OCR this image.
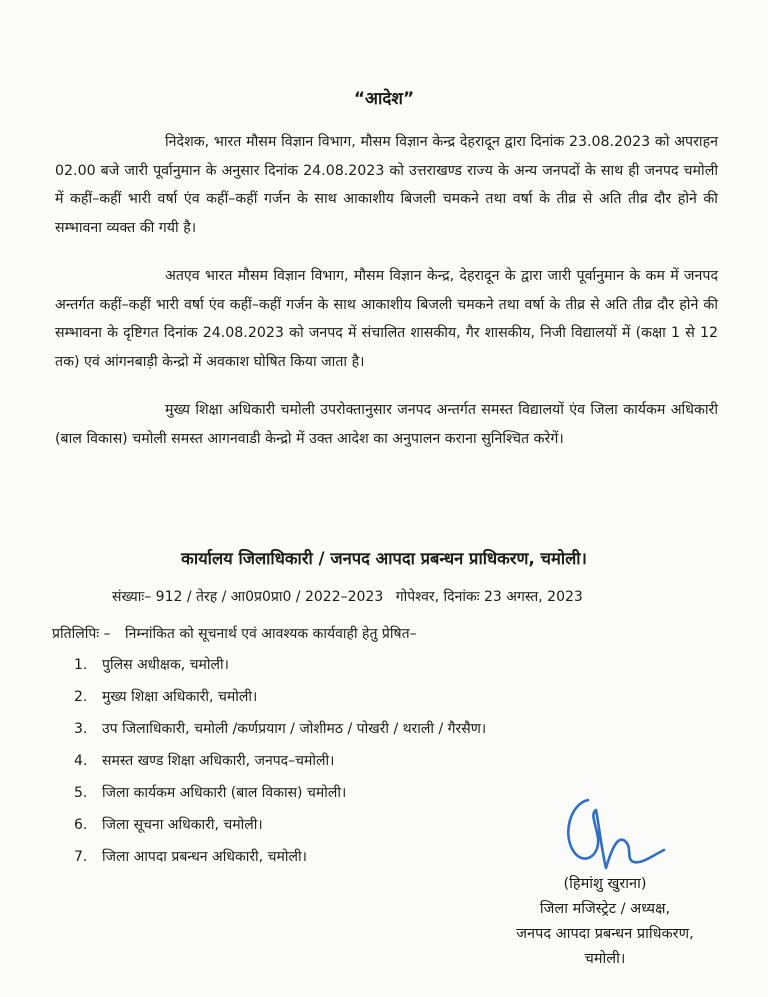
“आदेश”

निदेशक, भारत मौसम विज्ञान विभाग, मौसम विज्ञान केन्द्र देहरादून द्वारा दिनांक 23.08.2023 को अपराहन 02.00 बजे जारी पूर्वानुमान के अनुसार दिनांक 24.08.2023 को उत्तराखण्ड राज्य के अन्य जनपदों के साथ ही जनपद चमोली में कहीं–कहीं भारी वर्षा एंव कहीं–कहीं गर्जन के साथ आकाशीय बिजली चमकने तथा वर्षा के तीव्र से अति तीव्र दौर होने की सम्भावना व्यक्त की गयी है।

अतएव भारत मौसम विज्ञान विभाग, मौसम विज्ञान केन्द्र, देहरादून के द्वारा जारी पूर्वानुमान के कम में जनपद अन्तर्गत कहीं–कहीं भारी वर्षा एंव कहीं–कहीं गर्जन के साथ आकाशीय बिजली चमकने तथा वर्षा के तीव्र से अति तीव्र दौर होने की सम्भावना के दृष्टिगत दिनांक 24.08.2023 को जनपद में संचालित शासकीय, गैर शासकीय, निजी विद्यालयों में (कक्षा 1 से 12 तक) एवं आंगनबाड़ी केन्द्रो में अवकाश घोषित किया जाता है।

मुख्य शिक्षा अधिकारी चमोली उपरोक्तानुसार जनपद अन्तर्गत समस्त विद्यालयों एंव जिला कार्यकम अधिकारी (बाल विकास) चमोली समस्त आगनवाडी केन्द्रो में उक्त आदेश का अनुपालन कराना सुनिश्चित करेगें।

कार्यालय जिलाधिकारी / जनपद आपदा प्रबन्धन प्राधिकरण, चमोली।
संख्याः– 912 / तेरह / आ0प्र0प्रा0 / 2022–2023 गोपेश्वर, दिनांकः 23 अगस्त, 2023
प्रतिलिपिः – निम्नांकित को सूचनार्थ एवं आवश्यक कार्यवाही हेतु प्रेषित–
1. पुलिस अधीक्षक, चमोली।
2. मुख्य शिक्षा अधिकारी, चमोली।
3. उप जिलाधिकारी, चमोली /कर्णप्रयाग / जोशीमठ / पोखरी / थराली / गैरसैण।
4. समस्त खण्ड शिक्षा अधिकारी, जनपद–चमोली।
5. जिला कार्यकम अधिकारी (बाल विकास) चमोली।
6. जिला सूचना अधिकारी, चमोली।
7. जिला आपदा प्रबन्धन अधिकारी, चमोली।
(हिमांशु खुराना)
जिला मजिस्ट्रेट / अध्यक्ष,
जनपद आपदा प्रबन्धन प्राधिकरण,
चमोली।
